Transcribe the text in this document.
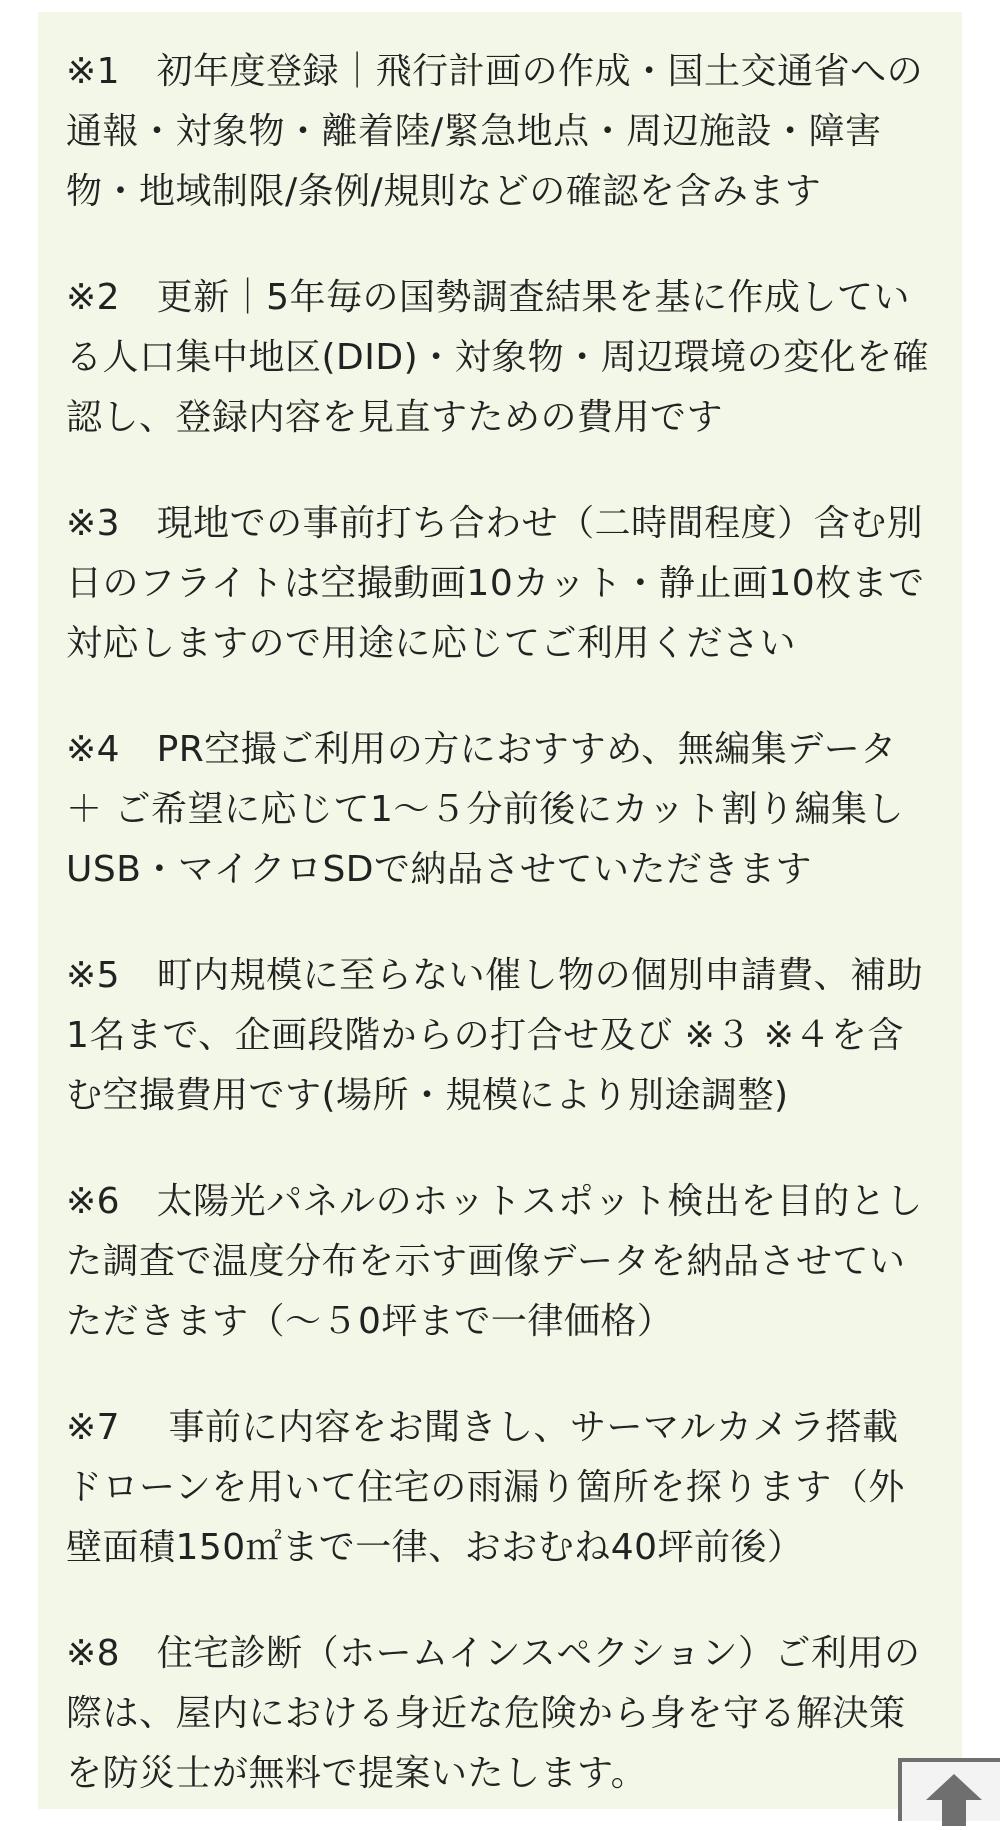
※1　初年度登録｜飛行計画の作成・国土交通省への通報・対象物・離着陸/緊急地点・周辺施設・障害物・地域制限/条例/規則などの確認を含みます

※2　更新｜5年毎の国勢調査結果を基に作成している人口集中地区(DID)・対象物・周辺環境の変化を確認し、登録内容を見直すための費用です

※3　現地での事前打ち合わせ（二時間程度）含む別日のフライトは空撮動画10カット・静止画10枚まで対応しますので用途に応じてご利用ください

※4　PR空撮ご利用の方におすすめ、無編集データ ＋ ご希望に応じて1〜５分前後にカット割り編集しUSB・マイクロSDで納品させていただきます

※5　町内規模に至らない催し物の個別申請費、補助1名まで、企画段階からの打合せ及び ※３ ※４を含む空撮費用です(場所・規模により別途調整)

※6　太陽光パネルのホットスポット検出を目的とした調査で温度分布を示す画像データを納品させていただきます（〜５0坪まで一律価格）

※7　 事前に内容をお聞きし、サーマルカメラ搭載ドローンを用いて住宅の雨漏り箇所を探ります（外壁面積150㎡まで一律、おおむね40坪前後）

※8　住宅診断（ホームインスペクション）ご利用の際は、屋内における身近な危険から身を守る解決策を防災士が無料で提案いたします。
